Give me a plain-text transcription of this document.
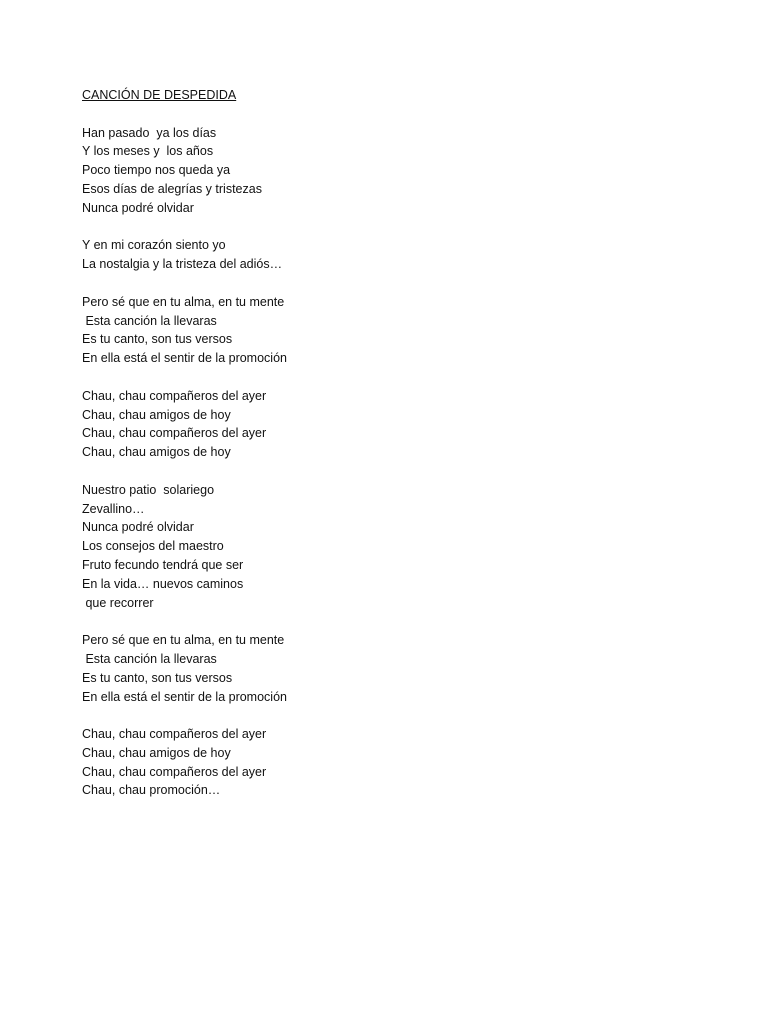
CANCIÓN DE DESPEDIDA
Han pasado  ya los días
Y los meses y  los años
Poco tiempo nos queda ya
Esos días de alegrías y tristezas
Nunca podré olvidar
Y en mi corazón siento yo
La nostalgia y la tristeza del adiós…
Pero sé que en tu alma, en tu mente
Esta canción la llevaras
Es tu canto, son tus versos
En ella está el sentir de la promoción
Chau, chau compañeros del ayer
Chau, chau amigos de hoy
Chau, chau compañeros del ayer
Chau, chau amigos de hoy
Nuestro patio  solariego
Zevallino…
Nunca podré olvidar
Los consejos del maestro
Fruto fecundo tendrá que ser
En la vida… nuevos caminos
que recorrer
Pero sé que en tu alma, en tu mente
Esta canción la llevaras
Es tu canto, son tus versos
En ella está el sentir de la promoción
Chau, chau compañeros del ayer
Chau, chau amigos de hoy
Chau, chau compañeros del ayer
Chau, chau promoción…
